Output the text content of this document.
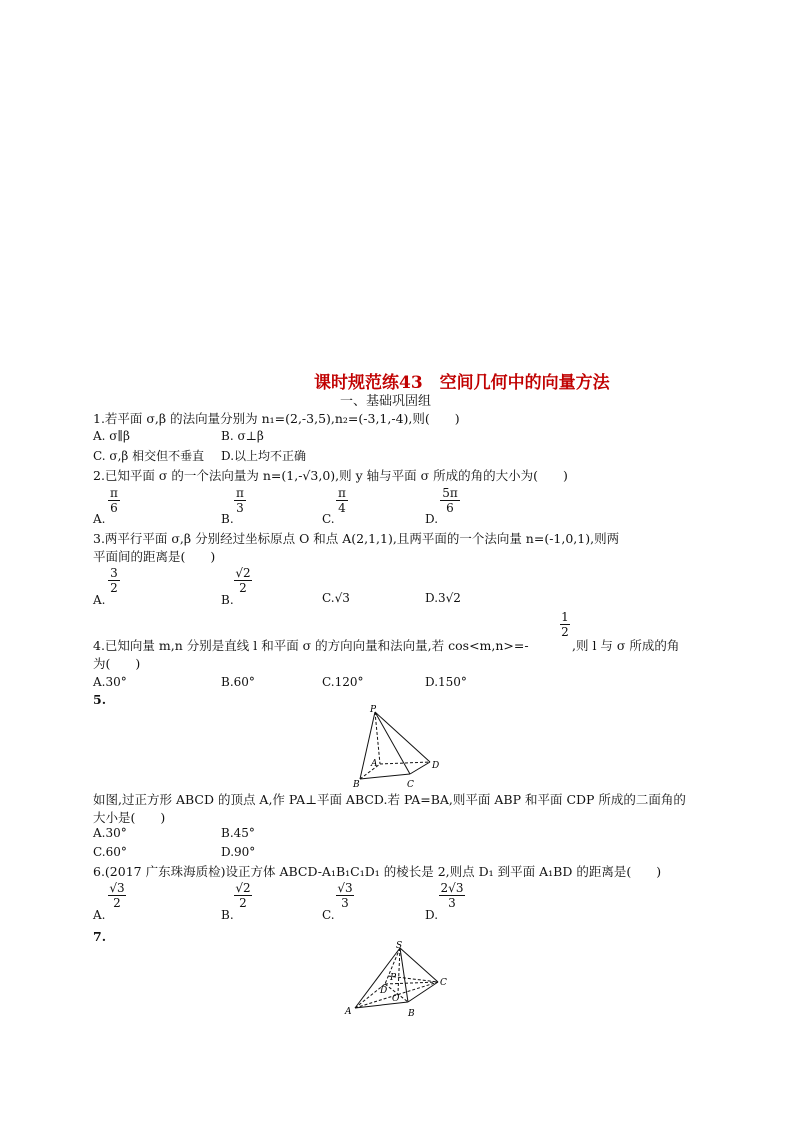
课时规范练43　空间几何中的向量方法
一、基础巩固组
1.若平面 σ,β 的法向量分别为 n₁=(2,-3,5),n₂=(-3,1,-4),则(　　)
A. σ∥β	B. σ⊥β
C. σ,β 相交但不垂直 D.以上均不正确
2.已知平面 σ 的一个法向量为 n=(1,-√3,0),则 y 轴与平面 σ 所成的角的大小为(　　)
A.
π
6
B.
π
3
C.
π
4
D.
5π
6
3.两平行平面 σ,β 分别经过坐标原点 O 和点 A(2,1,1),且两平面的一个法向量 n=(-1,0,1),则两
平面间的距离是(　　)
A.
3
2
B.
√2
2
C.√3	D.3√2
4.已知向量 m,n 分别是直线 l 和平面 σ 的方向向量和法向量,若 cos<m,n>=-
1
2
,则 l 与 σ 所成的角
为(　　)
A.30°	B.60°	C.120°	D.150°
5.
P
A
B	C
D
如图,过正方形 ABCD 的顶点 A,作 PA⊥平面 ABCD.若 PA=BA,则平面 ABP 和平面 CDP 所成的二面角的
大小是(　　)
A.30°	B.45°
C.60°	D.90°
6.(2017 广东珠海质检)设正方体 ABCD-A₁B₁C₁D₁ 的棱长是 2,则点 D₁ 到平面 A₁BD 的距离是(　　)
A.
√3
2
B.
√2
2
C.
√3
3
D.
2√3
3
7.
S
P
D
O
C
A	B
